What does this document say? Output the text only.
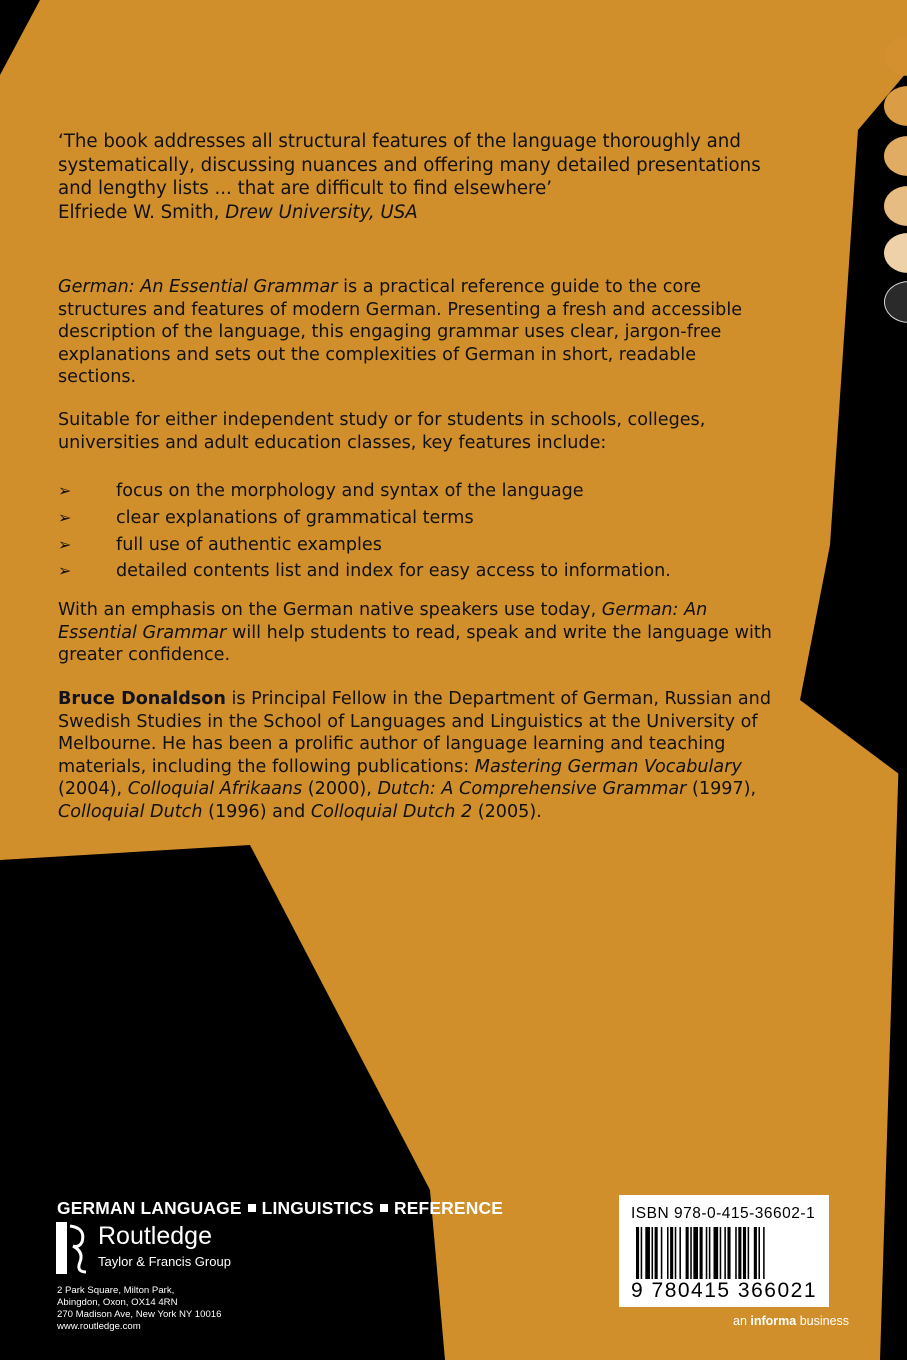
‘The book addresses all structural features of the language thoroughly and systematically, discussing nuances and offering many detailed presentations and lengthy lists ... that are difficult to find elsewhere’
Elfriede W. Smith, Drew University, USA
German: An Essential Grammar is a practical reference guide to the core structures and features of modern German. Presenting a fresh and accessible description of the language, this engaging grammar uses clear, jargon-free explanations and sets out the complexities of German in short, readable sections.
Suitable for either independent study or for students in schools, colleges, universities and adult education classes, key features include:
➢	focus on the morphology and syntax of the language
➢	clear explanations of grammatical terms
➢	full use of authentic examples
➢	detailed contents list and index for easy access to information.
With an emphasis on the German native speakers use today, German: An Essential Grammar will help students to read, speak and write the language with greater confidence.
Bruce Donaldson is Principal Fellow in the Department of German, Russian and Swedish Studies in the School of Languages and Linguistics at the University of Melbourne. He has been a prolific author of language learning and teaching materials, including the following publications: Mastering German Vocabulary (2004), Colloquial Afrikaans (2000), Dutch: A Comprehensive Grammar (1997), Colloquial Dutch (1996) and Colloquial Dutch 2 (2005).
GERMAN LANGUAGE LINGUISTICS REFERENCE
Routledge
Taylor & Francis Group
2 Park Square, Milton Park,
Abingdon, Oxon, OX14 4RN
270 Madison Ave, New York NY 10016
www.routledge.com
ISBN 978-0-415-36602-1
9 780415 366021
an informa business
